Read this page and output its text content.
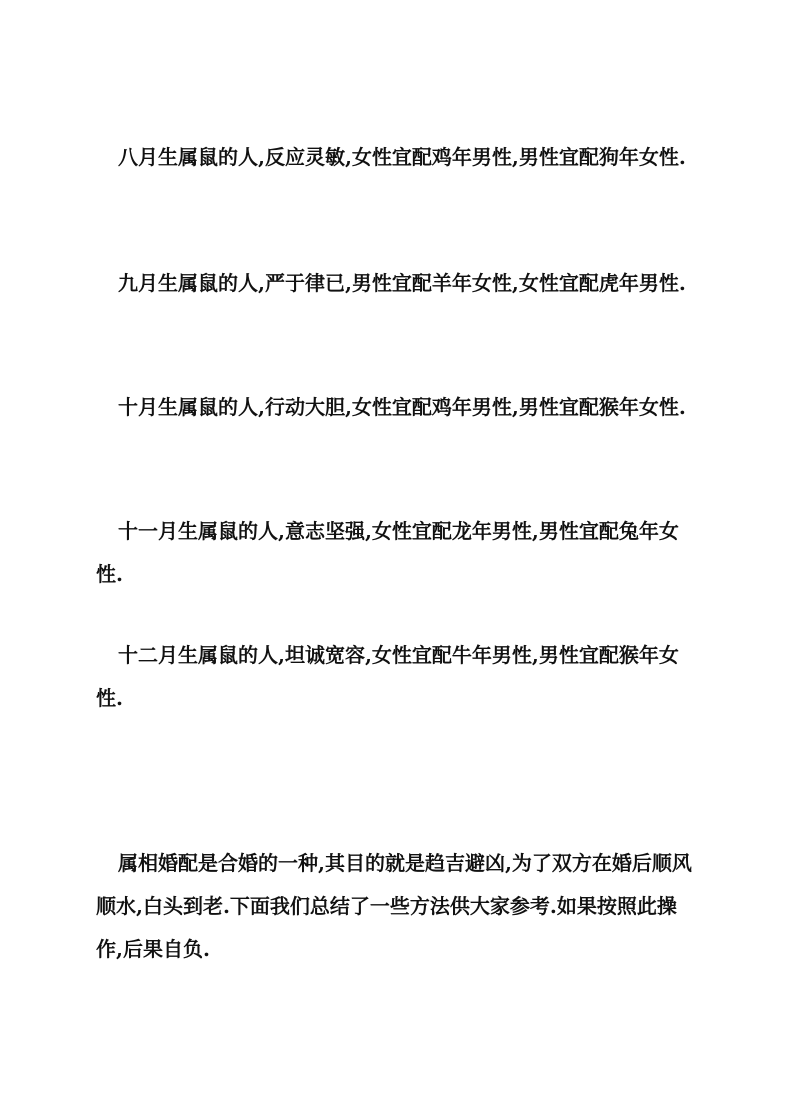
八月生属鼠的人,反应灵敏,女性宜配鸡年男性,男性宜配狗年女性.

九月生属鼠的人,严于律已,男性宜配羊年女性,女性宜配虎年男性.

十月生属鼠的人,行动大胆,女性宜配鸡年男性,男性宜配猴年女性.

十一月生属鼠的人,意志坚强,女性宜配龙年男性,男性宜配兔年女性.

十二月生属鼠的人,坦诚宽容,女性宜配牛年男性,男性宜配猴年女性.

属相婚配是合婚的一种,其目的就是趋吉避凶,为了双方在婚后顺风顺水,白头到老.下面我们总结了一些方法供大家参考.如果按照此操作,后果自负.
